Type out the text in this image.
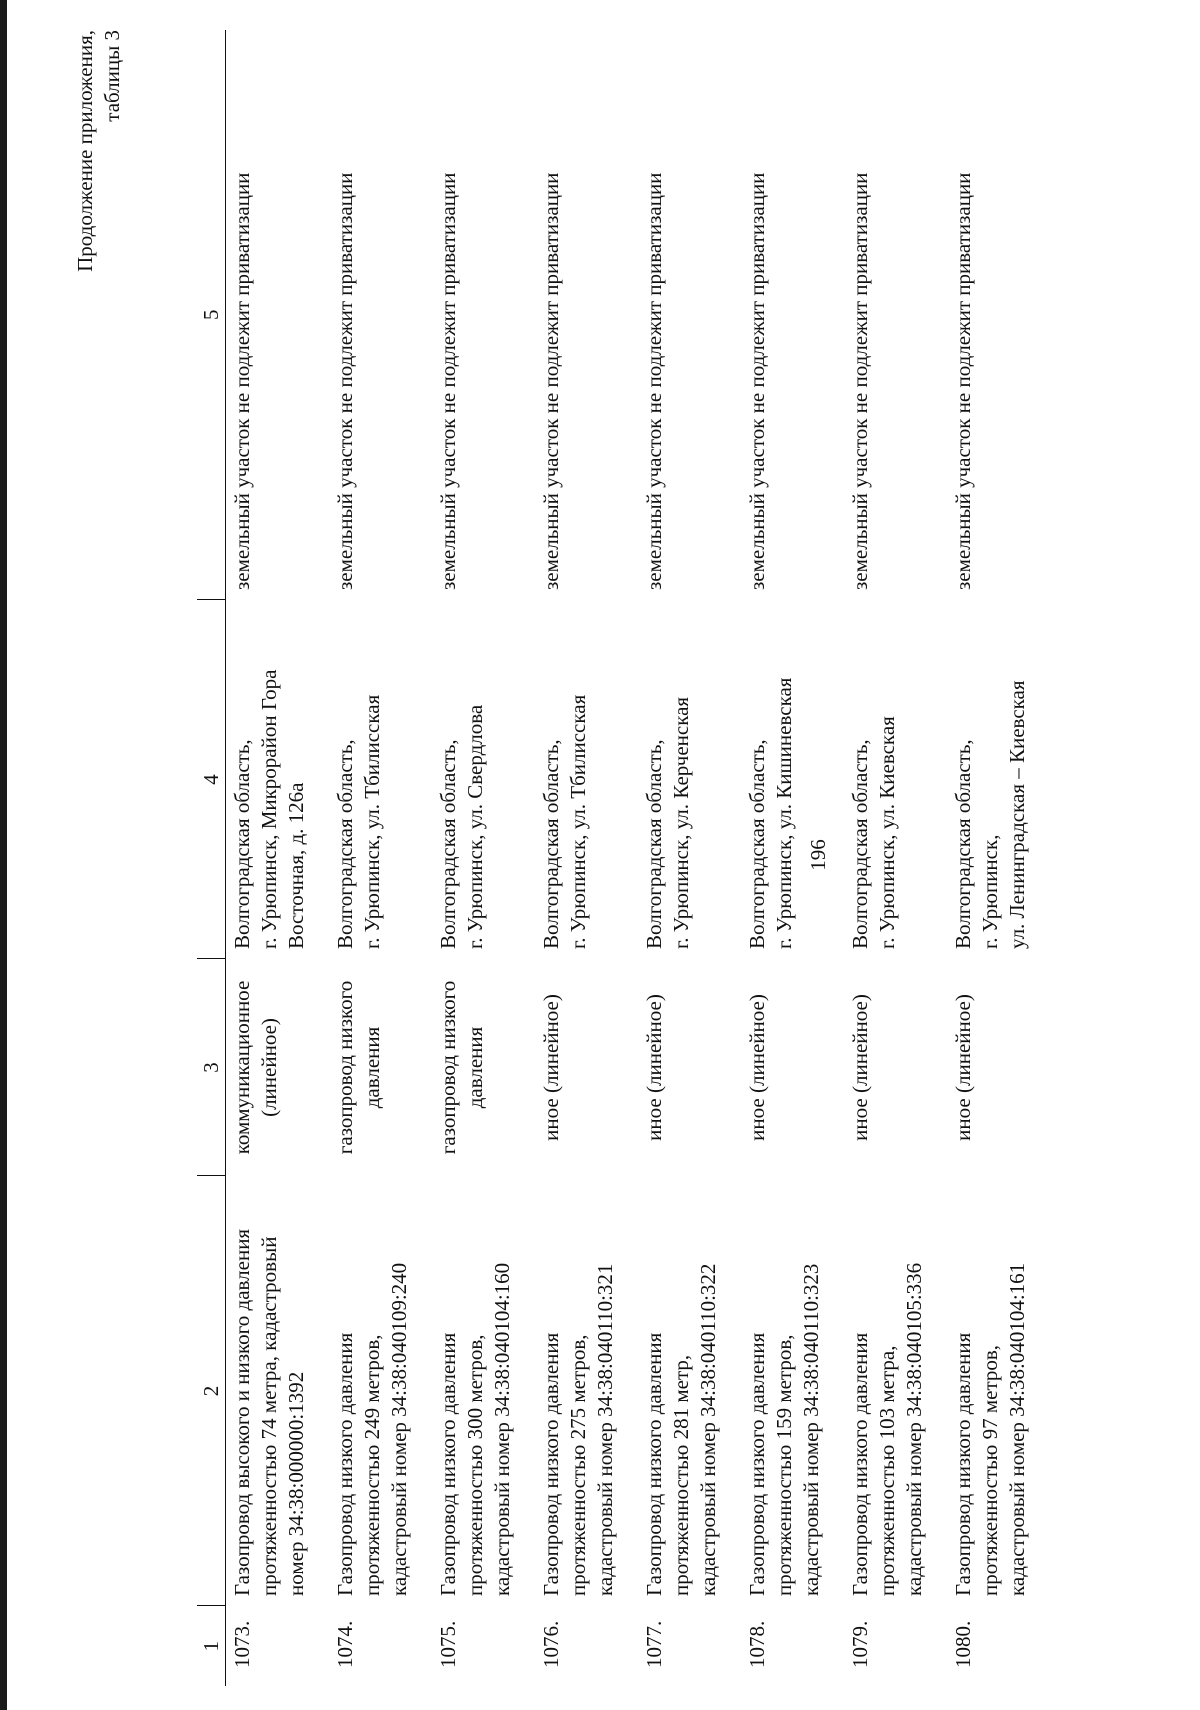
196
Продолжение приложения, таблицы 3
1	2	3	4	5
1073.	Газопровод высокого и низкого давления протяженностью 74 метра, кадастровый номер 34:38:000000:1392	коммуникационное (линейное)	Волгоградская область, г. Урюпинск, Микрорайон Гора Восточная, д. 126а	земельный участок не подлежит приватизации
1074.	Газопровод низкого давления протяженностью 249 метров, кадастровый номер 34:38:040109:240	газопровод низкого давления	Волгоградская область, г. Урюпинск, ул. Тбилисская	земельный участок не подлежит приватизации
1075.	Газопровод низкого давления протяженностью 300 метров, кадастровый номер 34:38:040104:160	газопровод низкого давления	Волгоградская область, г. Урюпинск, ул. Свердлова	земельный участок не подлежит приватизации
1076.	Газопровод низкого давления протяженностью 275 метров, кадастровый номер 34:38:040110:321	иное (линейное)	Волгоградская область, г. Урюпинск, ул. Тбилисская	земельный участок не подлежит приватизации
1077.	Газопровод низкого давления протяженностью 281 метр, кадастровый номер 34:38:040110:322	иное (линейное)	Волгоградская область, г. Урюпинск, ул. Керченская	земельный участок не подлежит приватизации
1078.	Газопровод низкого давления протяженностью 159 метров, кадастровый номер 34:38:040110:323	иное (линейное)	Волгоградская область, г. Урюпинск, ул. Кишиневская	земельный участок не подлежит приватизации
1079.	Газопровод низкого давления протяженностью 103 метра, кадастровый номер 34:38:040105:336	иное (линейное)	Волгоградская область, г. Урюпинск, ул. Киевская	земельный участок не подлежит приватизации
1080.	Газопровод низкого давления протяженностью 97 метров, кадастровый номер 34:38:040104:161	иное (линейное)	Волгоградская область, г. Урюпинск, ул. Ленинградская – Киевская	земельный участок не подлежит приватизации
